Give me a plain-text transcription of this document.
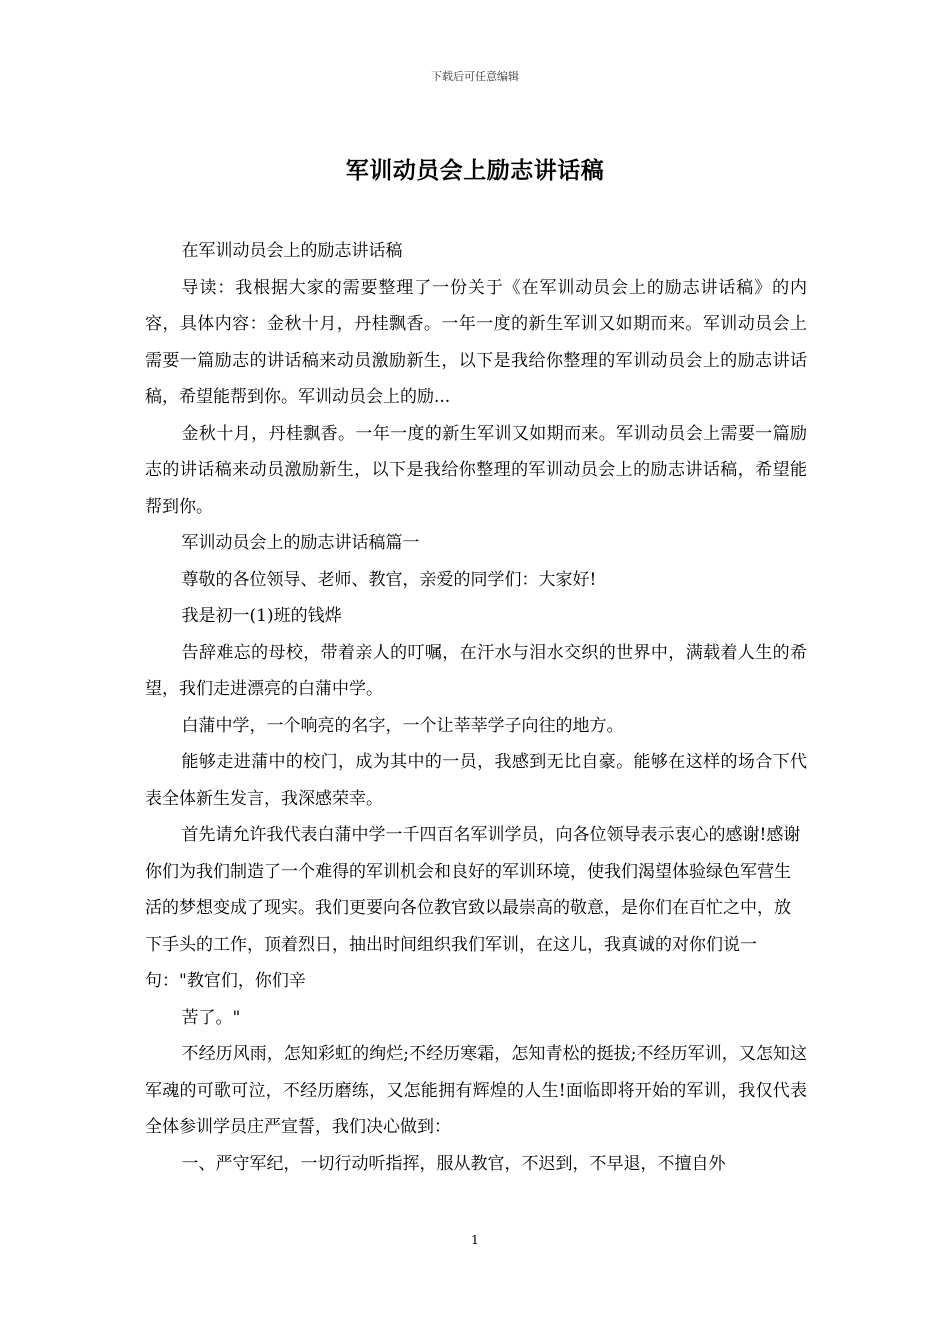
下载后可任意编辑
军训动员会上励志讲话稿

在军训动员会上的励志讲话稿

导读：我根据大家的需要整理了一份关于《在军训动员会上的励志讲话稿》的内容，具体内容：金秋十月，丹桂飘香。一年一度的新生军训又如期而来。军训动员会上需要一篇励志的讲话稿来动员激励新生，以下是我给你整理的军训动员会上的励志讲话稿，希望能帮到你。军训动员会上的励...

金秋十月，丹桂飘香。一年一度的新生军训又如期而来。军训动员会上需要一篇励志的讲话稿来动员激励新生，以下是我给你整理的军训动员会上的励志讲话稿，希望能帮到你。

军训动员会上的励志讲话稿篇一

尊敬的各位领导、老师、教官，亲爱的同学们：大家好!

我是初一(1)班的钱烨

告辞难忘的母校，带着亲人的叮嘱，在汗水与泪水交织的世界中，满载着人生的希望，我们走进漂亮的白蒲中学。

白蒲中学，一个响亮的名字，一个让莘莘学子向往的地方。

能够走进蒲中的校门，成为其中的一员，我感到无比自豪。能够在这样的场合下代表全体新生发言，我深感荣幸。

首先请允许我代表白蒲中学一千四百名军训学员，向各位领导表示衷心的感谢!感谢你们为我们制造了一个难得的军训机会和良好的军训环境，使我们渴望体验绿色军营生活的梦想变成了现实。我们更要向各位教官致以最崇高的敬意，是你们在百忙之中，放下手头的工作，顶着烈日，抽出时间组织我们军训，在这儿，我真诚的对你们说一句："教官们，你们辛

苦了。"

不经历风雨，怎知彩虹的绚烂;不经历寒霜，怎知青松的挺拔;不经历军训，又怎知这军魂的可歌可泣，不经历磨练，又怎能拥有辉煌的人生!面临即将开始的军训，我仅代表全体参训学员庄严宣誓，我们决心做到：

一、严守军纪，一切行动听指挥，服从教官，不迟到，不早退，不擅自外

1
